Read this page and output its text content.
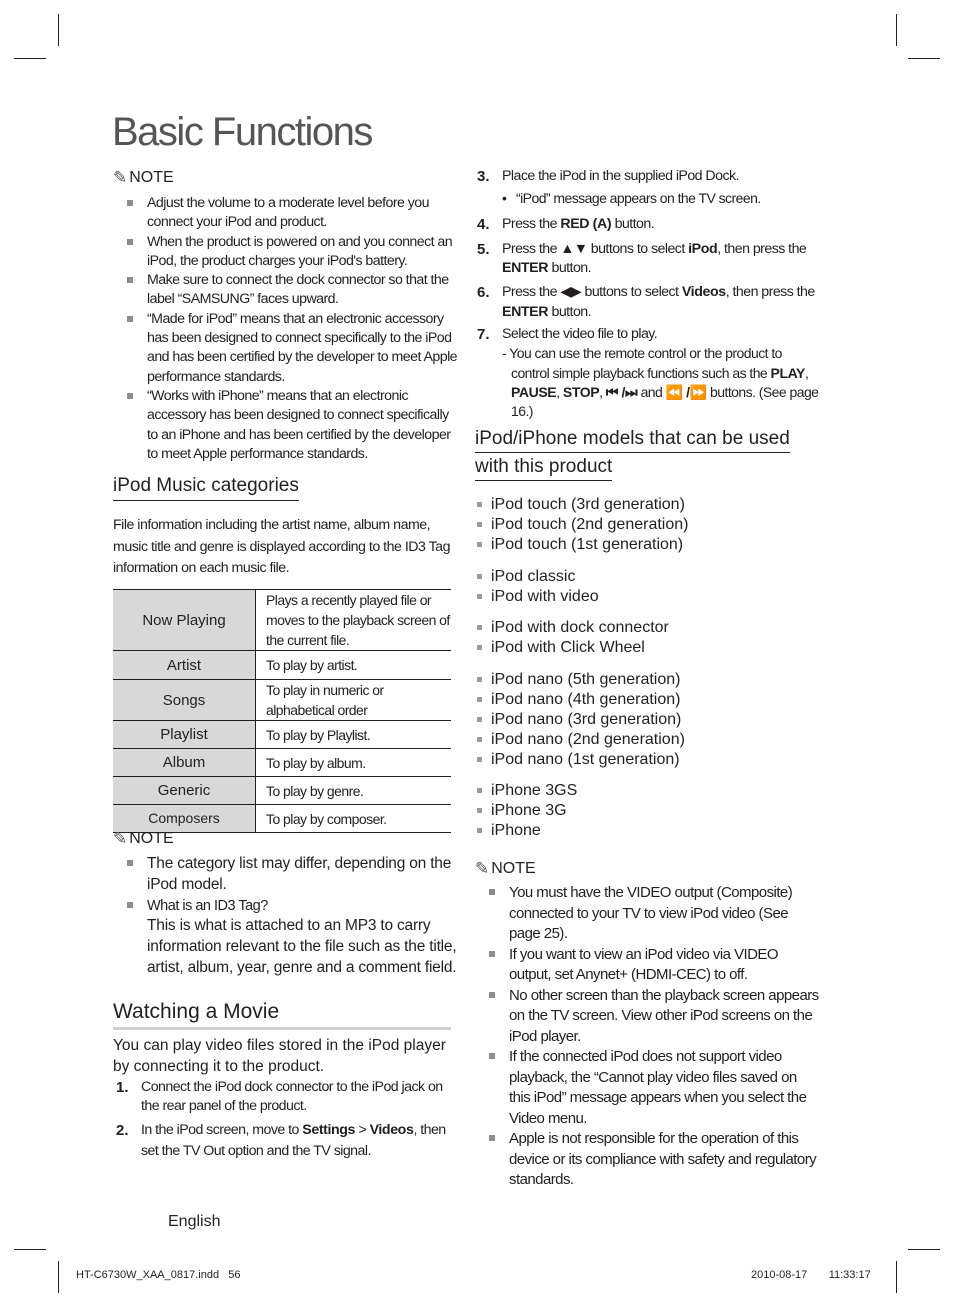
Basic Functions
✎ NOTE
Adjust the volume to a moderate level before you connect your iPod and product.
When the product is powered on and you connect an iPod, the product charges your iPod's battery.
Make sure to connect the dock connector so that the label “SAMSUNG” faces upward.
“Made for iPod” means that an electronic accessory has been designed to connect specifically to the iPod and has been certified by the developer to meet Apple performance standards.
“Works with iPhone” means that an electronic accessory has been designed to connect specifically to an iPhone and has been certified by the developer to meet Apple performance standards.
iPod Music categories
File information including the artist name, album name, music title and genre is displayed according to the ID3 Tag information on each music file.
Now Playing	Plays a recently played file or moves to the playback screen of the current file.
Artist	To play by artist.
Songs	To play in numeric or alphabetical order
Playlist	To play by Playlist.
Album	To play by album.
Generic	To play by genre.
Composers	To play by composer.
✎ NOTE
The category list may differ, depending on the iPod model.
What is an ID3 Tag?
This is what is attached to an MP3 to carry information relevant to the file such as the title, artist, album, year, genre and a comment field.
Watching a Movie
You can play video files stored in the iPod player by connecting it to the product.
1. Connect the iPod dock connector to the iPod jack on the rear panel of the product.
2. In the iPod screen, move to Settings > Videos, then set the TV Out option and the TV signal.
English
3. Place the iPod in the supplied iPod Dock.
• “iPod” message appears on the TV screen.
4. Press the RED (A) button.
5. Press the ▲▼ buttons to select iPod, then press the ENTER button.
6. Press the ◀▶ buttons to select Videos, then press the ENTER button.
7. Select the video file to play.
- You can use the remote control or the product to control simple playback functions such as the PLAY, PAUSE, STOP, ⏮ /⏭ and ⏪ /⏩ buttons. (See page 16.)
iPod/iPhone models that can be used
with this product
iPod touch (3rd generation)
iPod touch (2nd generation)
iPod touch (1st generation)
iPod classic
iPod with video
iPod with dock connector
iPod with Click Wheel
iPod nano (5th generation)
iPod nano (4th generation)
iPod nano (3rd generation)
iPod nano (2nd generation)
iPod nano (1st generation)
iPhone 3GS
iPhone 3G
iPhone
✎ NOTE
You must have the VIDEO output (Composite) connected to your TV to view iPod video (See page 25).
If you want to view an iPod video via VIDEO output, set Anynet+ (HDMI-CEC) to off.
No other screen than the playback screen appears on the TV screen. View other iPod screens on the iPod player.
If the connected iPod does not support video playback, the “Cannot play video files saved on this iPod” message appears when you select the Video menu.
Apple is not responsible for the operation of this device or its compliance with safety and regulatory standards.
HT-C6730W_XAA_0817.indd 56	2010-08-17 11:33:17
